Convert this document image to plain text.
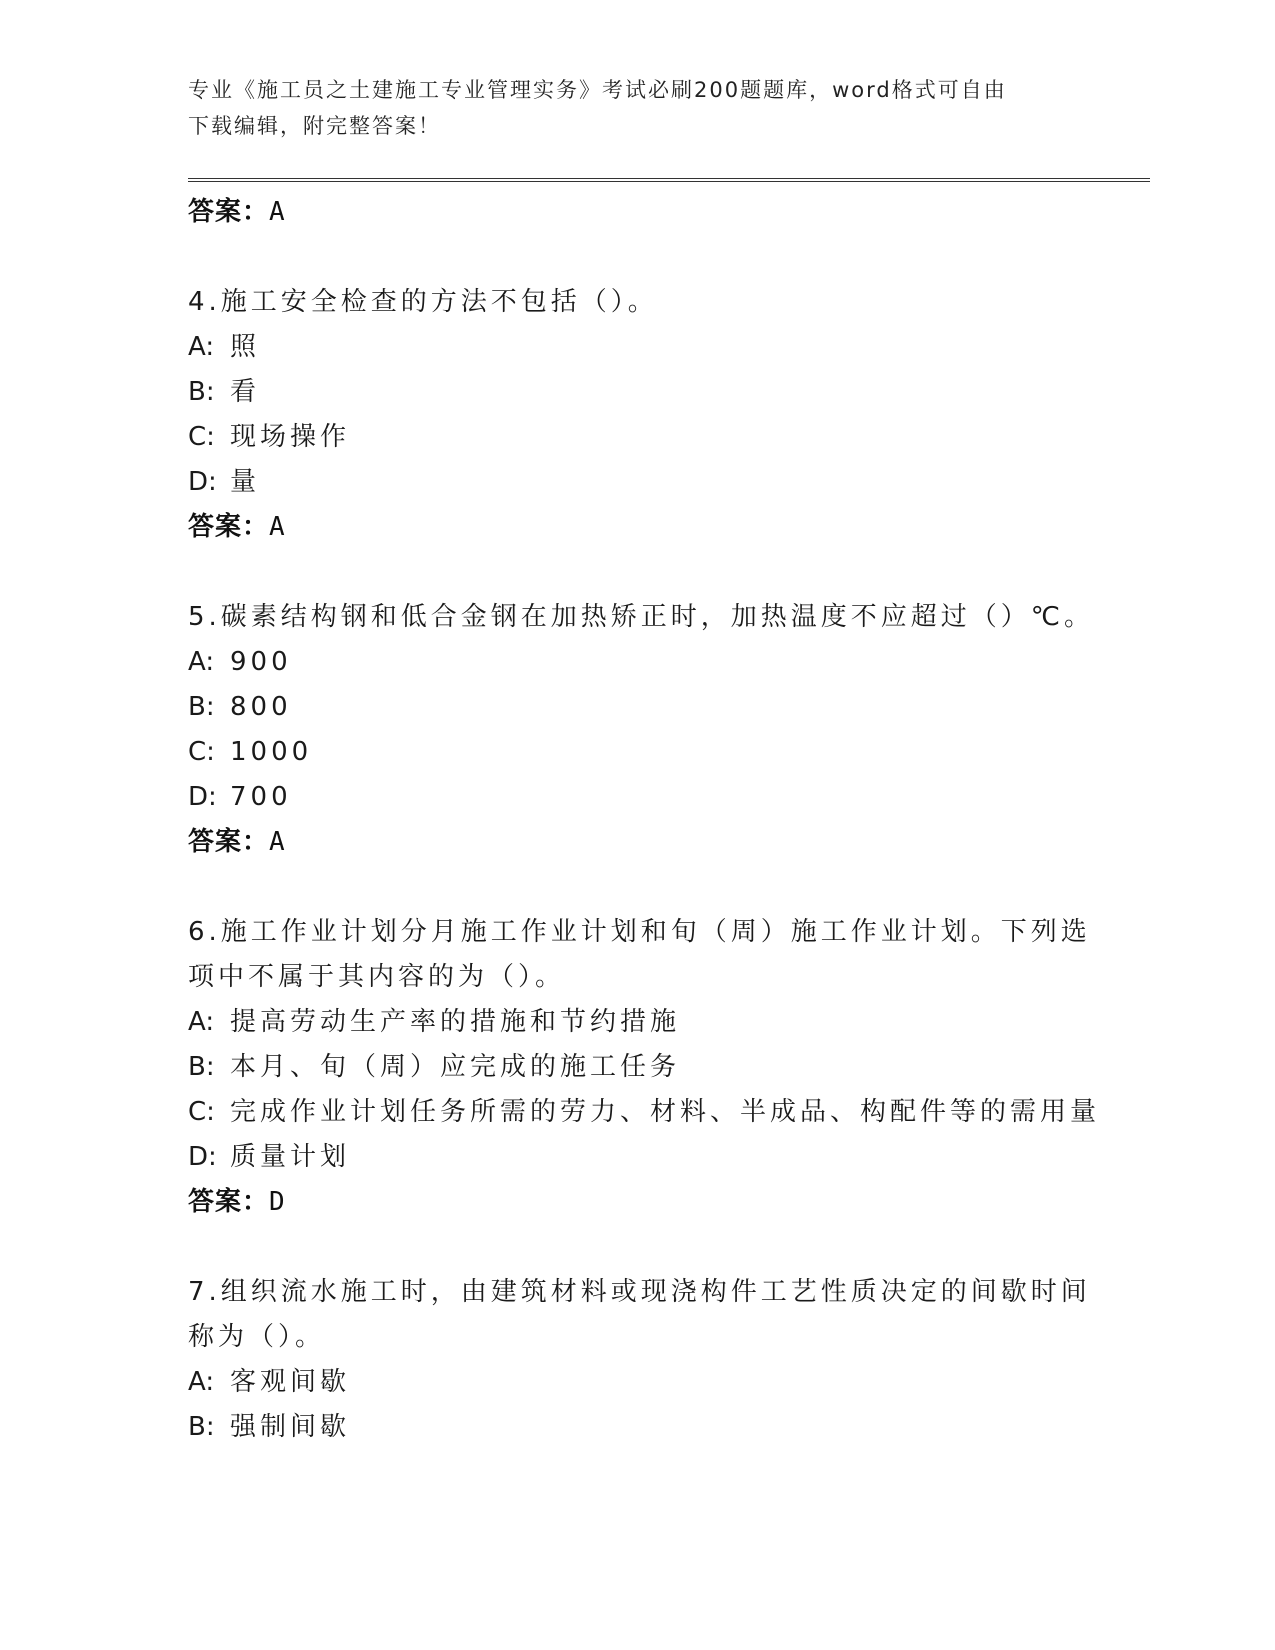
专业《施工员之土建施工专业管理实务》考试必刷200题题库，word格式可自由
下载编辑，附完整答案！
答案：A
4.施工安全检查的方法不包括（）。
A: 照
B: 看
C: 现场操作
D: 量
答案：A
5.碳素结构钢和低合金钢在加热矫正时，加热温度不应超过（）℃。
A: 900
B: 800
C: 1000
D: 700
答案：A
6.施工作业计划分月施工作业计划和旬（周）施工作业计划。下列选
项中不属于其内容的为（）。
A: 提高劳动生产率的措施和节约措施
B: 本月、旬（周）应完成的施工任务
C: 完成作业计划任务所需的劳力、材料、半成品、构配件等的需用量
D: 质量计划
答案：D
7.组织流水施工时，由建筑材料或现浇构件工艺性质决定的间歇时间
称为（）。
A: 客观间歇
B: 强制间歇
